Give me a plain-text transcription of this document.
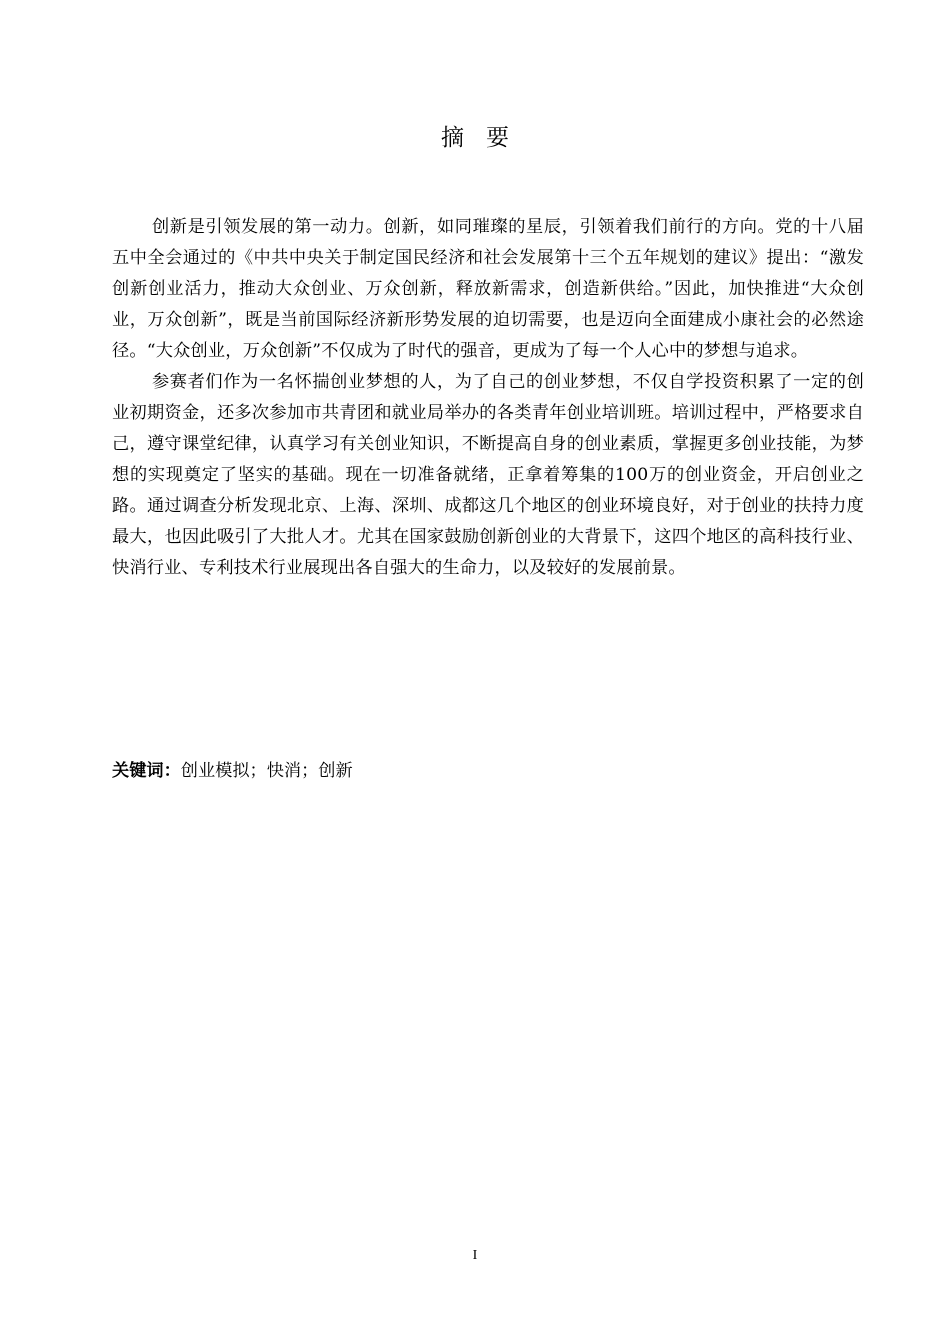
摘要

创新是引领发展的第一动力。创新，如同璀璨的星辰，引领着我们前行的方向。党的十八届五中全会通过的《中共中央关于制定国民经济和社会发展第十三个五年规划的建议》提出：“激发创新创业活力，推动大众创业、万众创新，释放新需求，创造新供给。”因此，加快推进“大众创业，万众创新”，既是当前国际经济新形势发展的迫切需要，也是迈向全面建成小康社会的必然途径。“大众创业，万众创新”不仅成为了时代的强音，更成为了每一个人心中的梦想与追求。

参赛者们作为一名怀揣创业梦想的人，为了自己的创业梦想，不仅自学投资积累了一定的创业初期资金，还多次参加市共青团和就业局举办的各类青年创业培训班。培训过程中，严格要求自己，遵守课堂纪律，认真学习有关创业知识，不断提高自身的创业素质，掌握更多创业技能，为梦想的实现奠定了坚实的基础。现在一切准备就绪，正拿着筹集的100万的创业资金，开启创业之路。通过调查分析发现北京、上海、深圳、成都这几个地区的创业环境良好，对于创业的扶持力度最大，也因此吸引了大批人才。尤其在国家鼓励创新创业的大背景下，这四个地区的高科技行业、快消行业、专利技术行业展现出各自强大的生命力，以及较好的发展前景。

关键词：创业模拟；快消；创新

I
